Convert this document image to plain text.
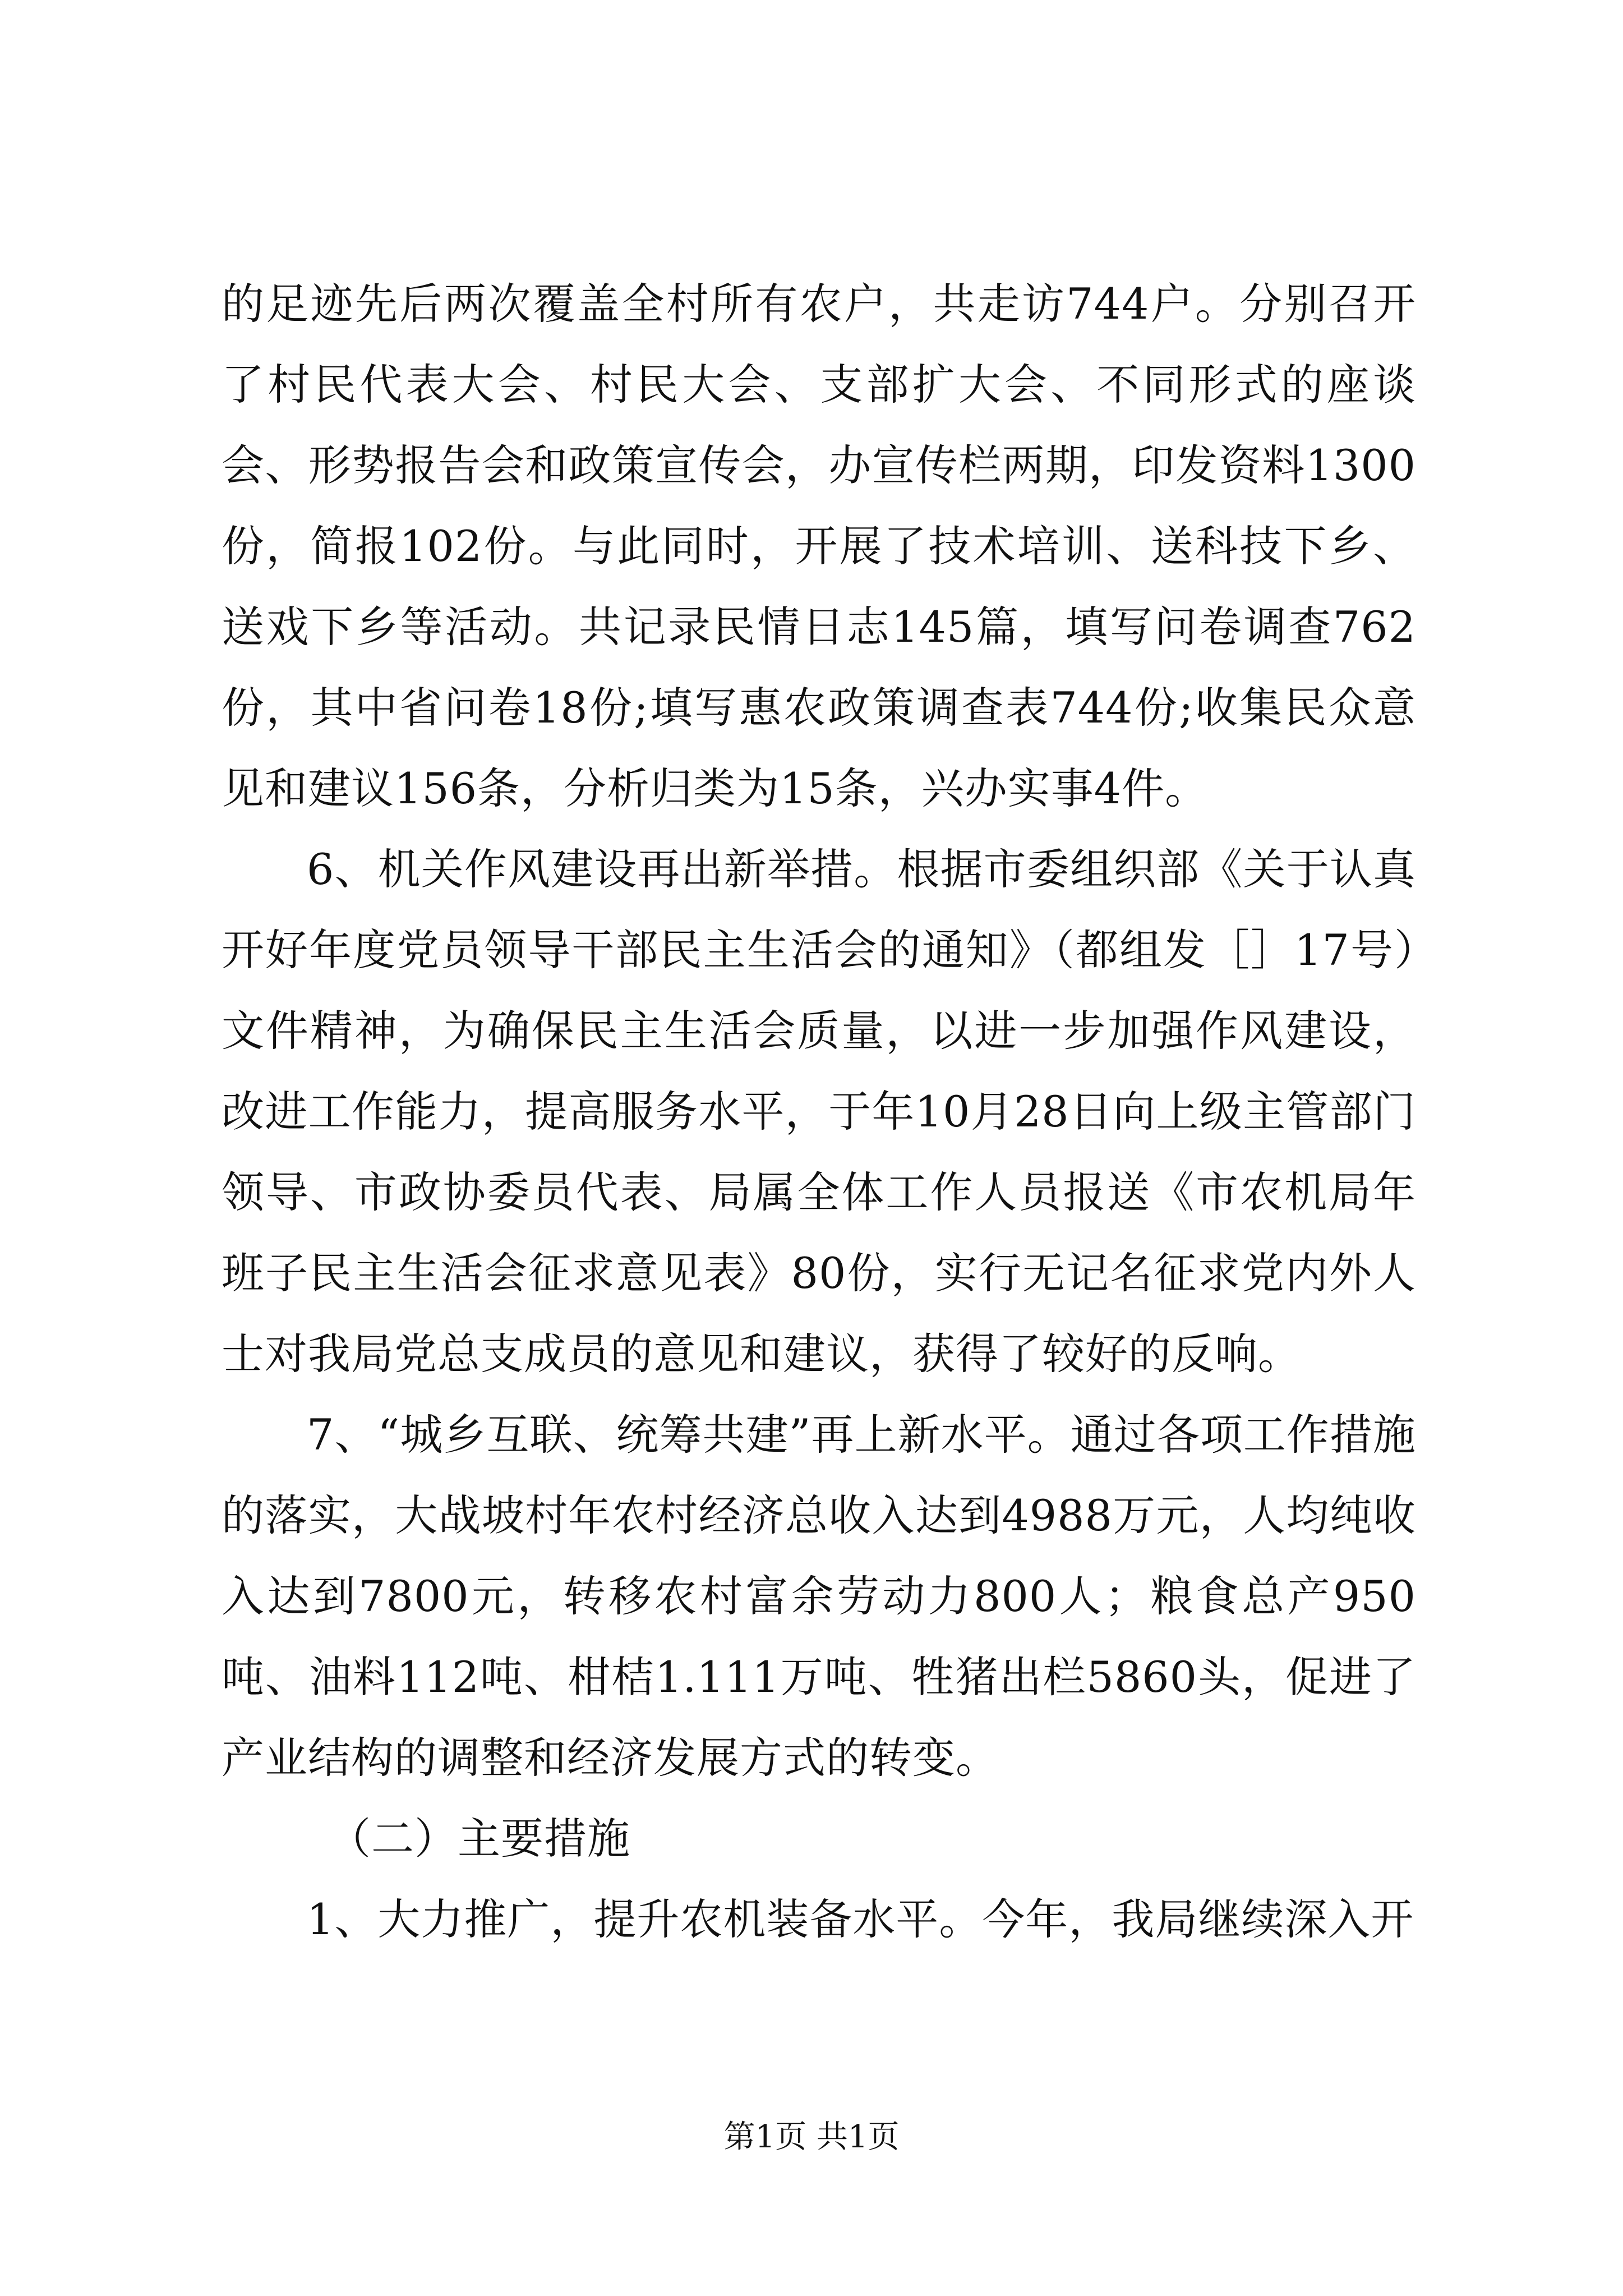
的足迹先后两次覆盖全村所有农户，共走访744户。分别召开了村民代表大会、村民大会、支部扩大会、不同形式的座谈会、形势报告会和政策宣传会，办宣传栏两期，印发资料1300份，简报102份。与此同时，开展了技术培训、送科技下乡、送戏下乡等活动。共记录民情日志145篇，填写问卷调查762份，其中省问卷18份;填写惠农政策调查表744份;收集民众意见和建议156条，分析归类为15条，兴办实事4件。

6、机关作风建设再出新举措。根据市委组织部《关于认真开好年度党员领导干部民主生活会的通知》（都组发［］17号）文件精神，为确保民主生活会质量，以进一步加强作风建设，改进工作能力，提高服务水平，于年10月28日向上级主管部门领导、市政协委员代表、局属全体工作人员报送《市农机局年班子民主生活会征求意见表》80份，实行无记名征求党内外人士对我局党总支成员的意见和建议，获得了较好的反响。

7、“城乡互联、统筹共建”再上新水平。通过各项工作措施的落实，大战坡村年农村经济总收入达到4988万元，人均纯收入达到7800元，转移农村富余劳动力800人；粮食总产950吨、油料112吨、柑桔1.111万吨、牲猪出栏5860头，促进了产业结构的调整和经济发展方式的转变。

（二）主要措施

1、大力推广，提升农机装备水平。今年，我局继续深入开

第1页 共1页
